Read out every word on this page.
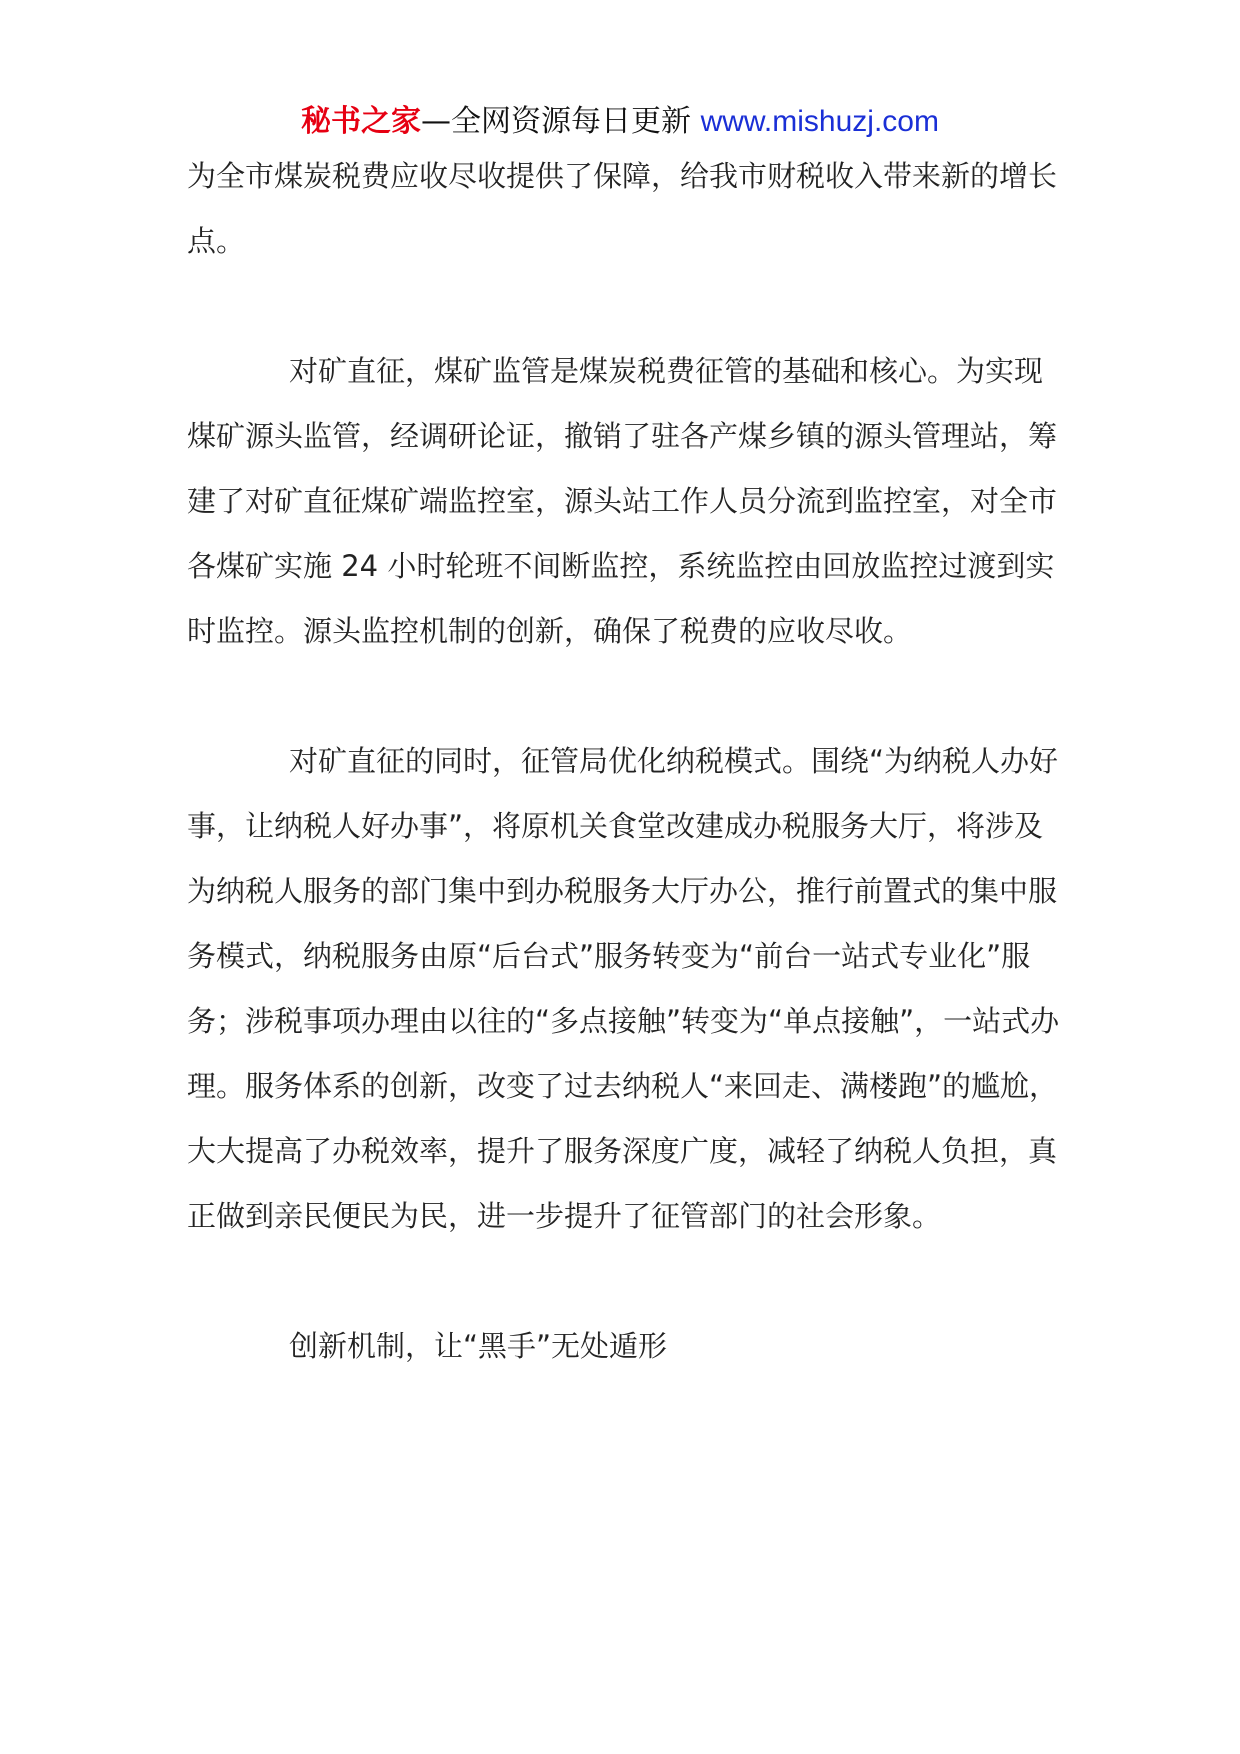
秘书之家—全网资源每日更新 www.mishuzj.com

为全市煤炭税费应收尽收提供了保障，给我市财税收入带来新的增长点。

对矿直征，煤矿监管是煤炭税费征管的基础和核心。为实现煤矿源头监管，经调研论证，撤销了驻各产煤乡镇的源头管理站，筹建了对矿直征煤矿端监控室，源头站工作人员分流到监控室，对全市各煤矿实施 24 小时轮班不间断监控，系统监控由回放监控过渡到实时监控。源头监控机制的创新，确保了税费的应收尽收。

对矿直征的同时，征管局优化纳税模式。围绕“为纳税人办好事，让纳税人好办事”，将原机关食堂改建成办税服务大厅，将涉及为纳税人服务的部门集中到办税服务大厅办公，推行前置式的集中服务模式，纳税服务由原“后台式”服务转变为“前台一站式专业化”服务；涉税事项办理由以往的“多点接触”转变为“单点接触”，一站式办理。服务体系的创新，改变了过去纳税人“来回走、满楼跑”的尴尬，大大提高了办税效率，提升了服务深度广度，减轻了纳税人负担，真正做到亲民便民为民，进一步提升了征管部门的社会形象。

创新机制，让“黑手”无处遁形
